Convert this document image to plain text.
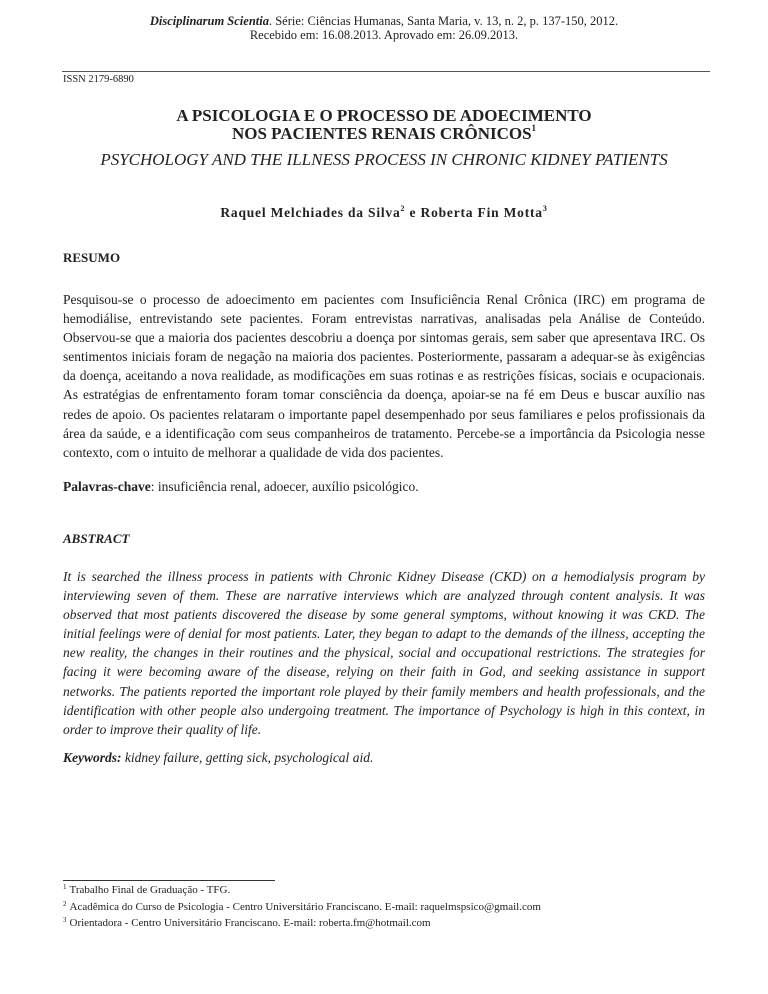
Disciplinarum Scientia. Série: Ciências Humanas, Santa Maria, v. 13, n. 2, p. 137-150, 2012.
Recebido em: 16.08.2013. Aprovado em: 26.09.2013.
ISSN 2179-6890
A PSICOLOGIA E O PROCESSO DE ADOECIMENTO
NOS PACIENTES RENAIS CRÔNICOS$^1$
PSYCHOLOGY AND THE ILLNESS PROCESS IN CHRONIC KIDNEY PATIENTS
Raquel Melchiades da Silva$^2$ e Roberta Fin Motta$^3$
RESUMO
Pesquisou-se o processo de adoecimento em pacientes com Insuficiência Renal Crônica (IRC) em programa de hemodiálise, entrevistando sete pacientes. Foram entrevistas narrativas, analisadas pela Análise de Conteúdo. Observou-se que a maioria dos pacientes descobriu a doença por sintomas gerais, sem saber que apresentava IRC. Os sentimentos iniciais foram de negação na maioria dos pacientes. Posteriormente, passaram a adequar-se às exigências da doença, aceitando a nova realidade, as modificações em suas rotinas e as restrições físicas, sociais e ocupacionais. As estratégias de enfrentamento foram tomar consciência da doença, apoiar-se na fé em Deus e buscar auxílio nas redes de apoio. Os pacientes relataram o importante papel desempenhado por seus familiares e pelos profissionais da área da saúde, e a identificação com seus companheiros de tratamento. Percebe-se a importância da Psicologia nesse contexto, com o intuito de melhorar a qualidade de vida dos pacientes.
Palavras-chave: insuficiência renal, adoecer, auxílio psicológico.
ABSTRACT
It is searched the illness process in patients with Chronic Kidney Disease (CKD) on a hemodialysis program by interviewing seven of them. These are narrative interviews which are analyzed through content analysis. It was observed that most patients discovered the disease by some general symptoms, without knowing it was CKD. The initial feelings were of denial for most patients. Later, they began to adapt to the demands of the illness, accepting the new reality, the changes in their routines and the physical, social and occupational restrictions. The strategies for facing it were becoming aware of the disease, relying on their faith in God, and seeking assistance in support networks. The patients reported the important role played by their family members and health professionals, and the identification with other people also undergoing treatment. The importance of Psychology is high in this context, in order to improve their quality of life.
Keywords: kidney failure, getting sick, psychological aid.
$^1$ Trabalho Final de Graduação - TFG.
$^2$ Acadêmica do Curso de Psicologia - Centro Universitário Franciscano. E-mail: raquelmspsico@gmail.com
$^3$ Orientadora - Centro Universitário Franciscano. E-mail: roberta.fm@hotmail.com
